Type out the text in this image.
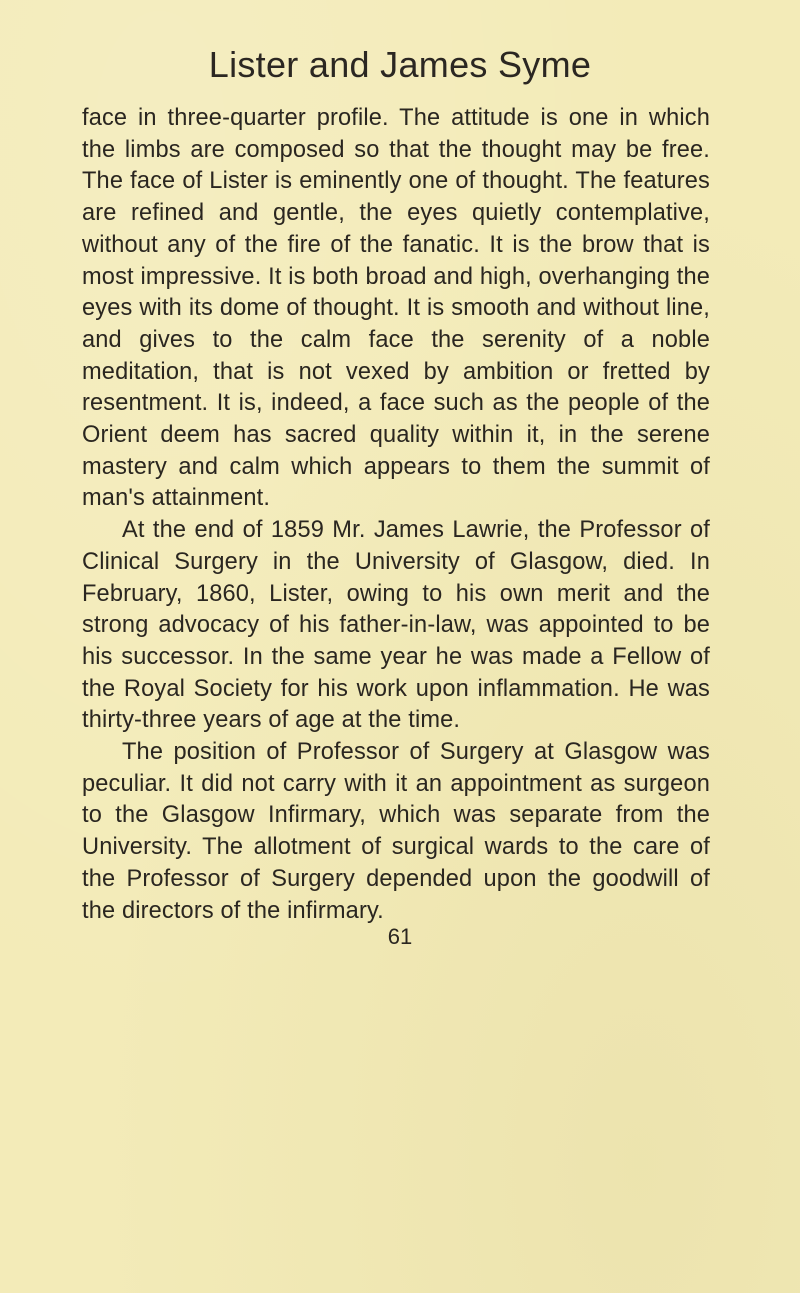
Lister and James Syme

face in three-quarter profile. The attitude is one in which the limbs are composed so that the thought may be free. The face of Lister is eminently one of thought. The features are refined and gentle, the eyes quietly contemplative, without any of the fire of the fanatic. It is the brow that is most impressive. It is both broad and high, overhanging the eyes with its dome of thought. It is smooth and without line, and gives to the calm face the serenity of a noble meditation, that is not vexed by ambition or fretted by resentment. It is, indeed, a face such as the people of the Orient deem has sacred quality within it, in the serene mastery and calm which appears to them the summit of man's attainment.

At the end of 1859 Mr. James Lawrie, the Professor of Clinical Surgery in the University of Glasgow, died. In February, 1860, Lister, owing to his own merit and the strong advocacy of his father-in-law, was appointed to be his successor. In the same year he was made a Fellow of the Royal Society for his work upon inflammation. He was thirty-three years of age at the time.

The position of Professor of Surgery at Glasgow was peculiar. It did not carry with it an appointment as surgeon to the Glasgow Infirmary, which was separate from the University. The allotment of surgical wards to the care of the Professor of Surgery depended upon the goodwill of the directors of the infirmary.

61
